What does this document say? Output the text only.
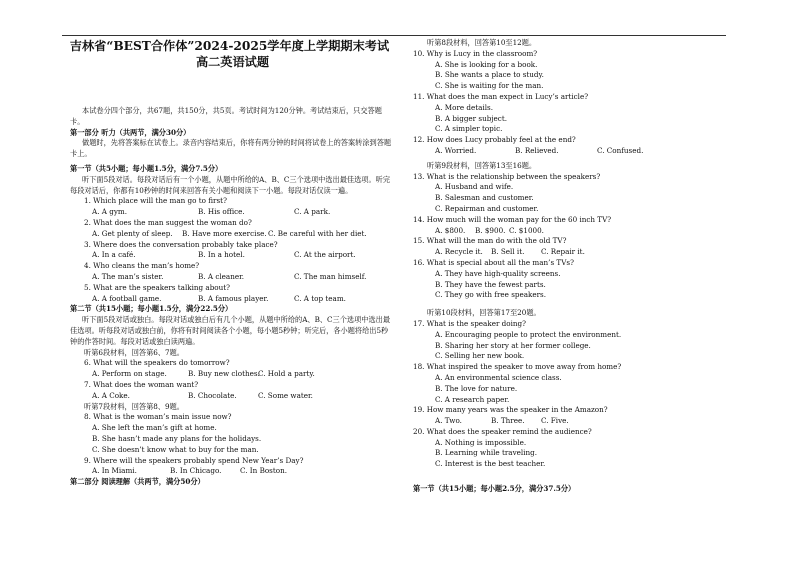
吉林省“BEST合作体”2024-2025学年度上学期期末考试
高二英语试题
本试卷分四个部分，共67题，共150分，共5页。考试时间为120分钟。考试结束后，只交答题卡。
第一部分 听力（共两节，满分30分）
做题时，先将答案标在试卷上。录音内容结束后，你将有两分钟的时间将试卷上的答案转涂到答题卡上。
第一节（共5小题；每小题1.5分，满分7.5分）
听下面5段对话。每段对话后有一个小题，从题中所给的A、B、C三个选项中选出最佳选项。听完每段对话后，你都有10秒钟的时间来回答有关小题和阅读下一小题。每段对话仅读一遍。
1. Which place will the man go to first?
A. A gym.	B. His office.	C. A park.
2. What does the man suggest the woman do?
A. Get plenty of sleep.	B. Have more exercise. C. Be careful with her diet.
3. Where does the conversation probably take place?
A. In a café.	B. In a hotel.	C. At the airport.
4. Who cleans the man’s home?
A. The man’s sister.	B. A cleaner.	C. The man himself.
5. What are the speakers talking about?
A. A football game.	B. A famous player.	C. A top team.
第二节（共15小题；每小题1.5分，满分22.5分）
听下面5段对话或独白。每段对话或独白后有几个小题，从题中所给的A、B、C三个选项中选出最佳选项。听每段对话或独白前，你将有时间阅读各个小题，每小题5秒钟；听完后，各小题将给出5秒钟的作答时间。每段对话或独白读两遍。
听第6段材料，回答第6、7题。
6. What will the speakers do tomorrow?
A. Perform on stage.	B. Buy new clothes.
C. Hold a party.
7. What does the woman want?
A. A Coke.	B. Chocolate.	C. Some water.
听第7段材料，回答第8、9题。
8. What is the woman’s main issue now?
A. She left the man’s gift at home.
B. She hasn’t made any plans for the holidays.
C. She doesn’t know what to buy for the man.
9. Where will the speakers probably spend New Year’s Day?
A. In Miami.	B. In Chicago.	C. In Boston.
第二部分 阅读理解（共两节，满分50分）
听第8段材料，回答第10至12题。
10. Why is Lucy in the classroom?
A. She is looking for a book.
B. She wants a place to study.
C. She is waiting for the man.
11. What does the man expect in Lucy’s article?
A. More details.
B. A bigger subject.
C. A simpler topic.
12. How does Lucy probably feel at the end?
A. Worried.	B. Relieved.	C. Confused.
听第9段材料，回答第13至16题。
13. What is the relationship between the speakers?
A. Husband and wife.
B. Salesman and customer.
C. Repairman and customer.
14. How much will the woman pay for the 60 inch TV?
A. $800.	B. $900. C. $1000.
15. What will the man do with the old TV?
A. Recycle it.	B. Sell it.	C. Repair it.
16. What is special about all the man’s TVs?
A. They have high-quality screens.
B. They have the fewest parts.
C. They go with free speakers.
听第10段材料，回答第17至20题。
17. What is the speaker doing?
A. Encouraging people to protect the environment.
B. Sharing her story at her former college.
C. Selling her new book.
18. What inspired the speaker to move away from home?
A. An environmental science class.
B. The love for nature.
C. A research paper.
19. How many years was the speaker in the Amazon?
A. Two.	B. Three.	C. Five.
20. What does the speaker remind the audience?
A. Nothing is impossible.
B. Learning while traveling.
C. Interest is the best teacher.
第一节（共15小题；每小题2.5分，满分37.5分）
